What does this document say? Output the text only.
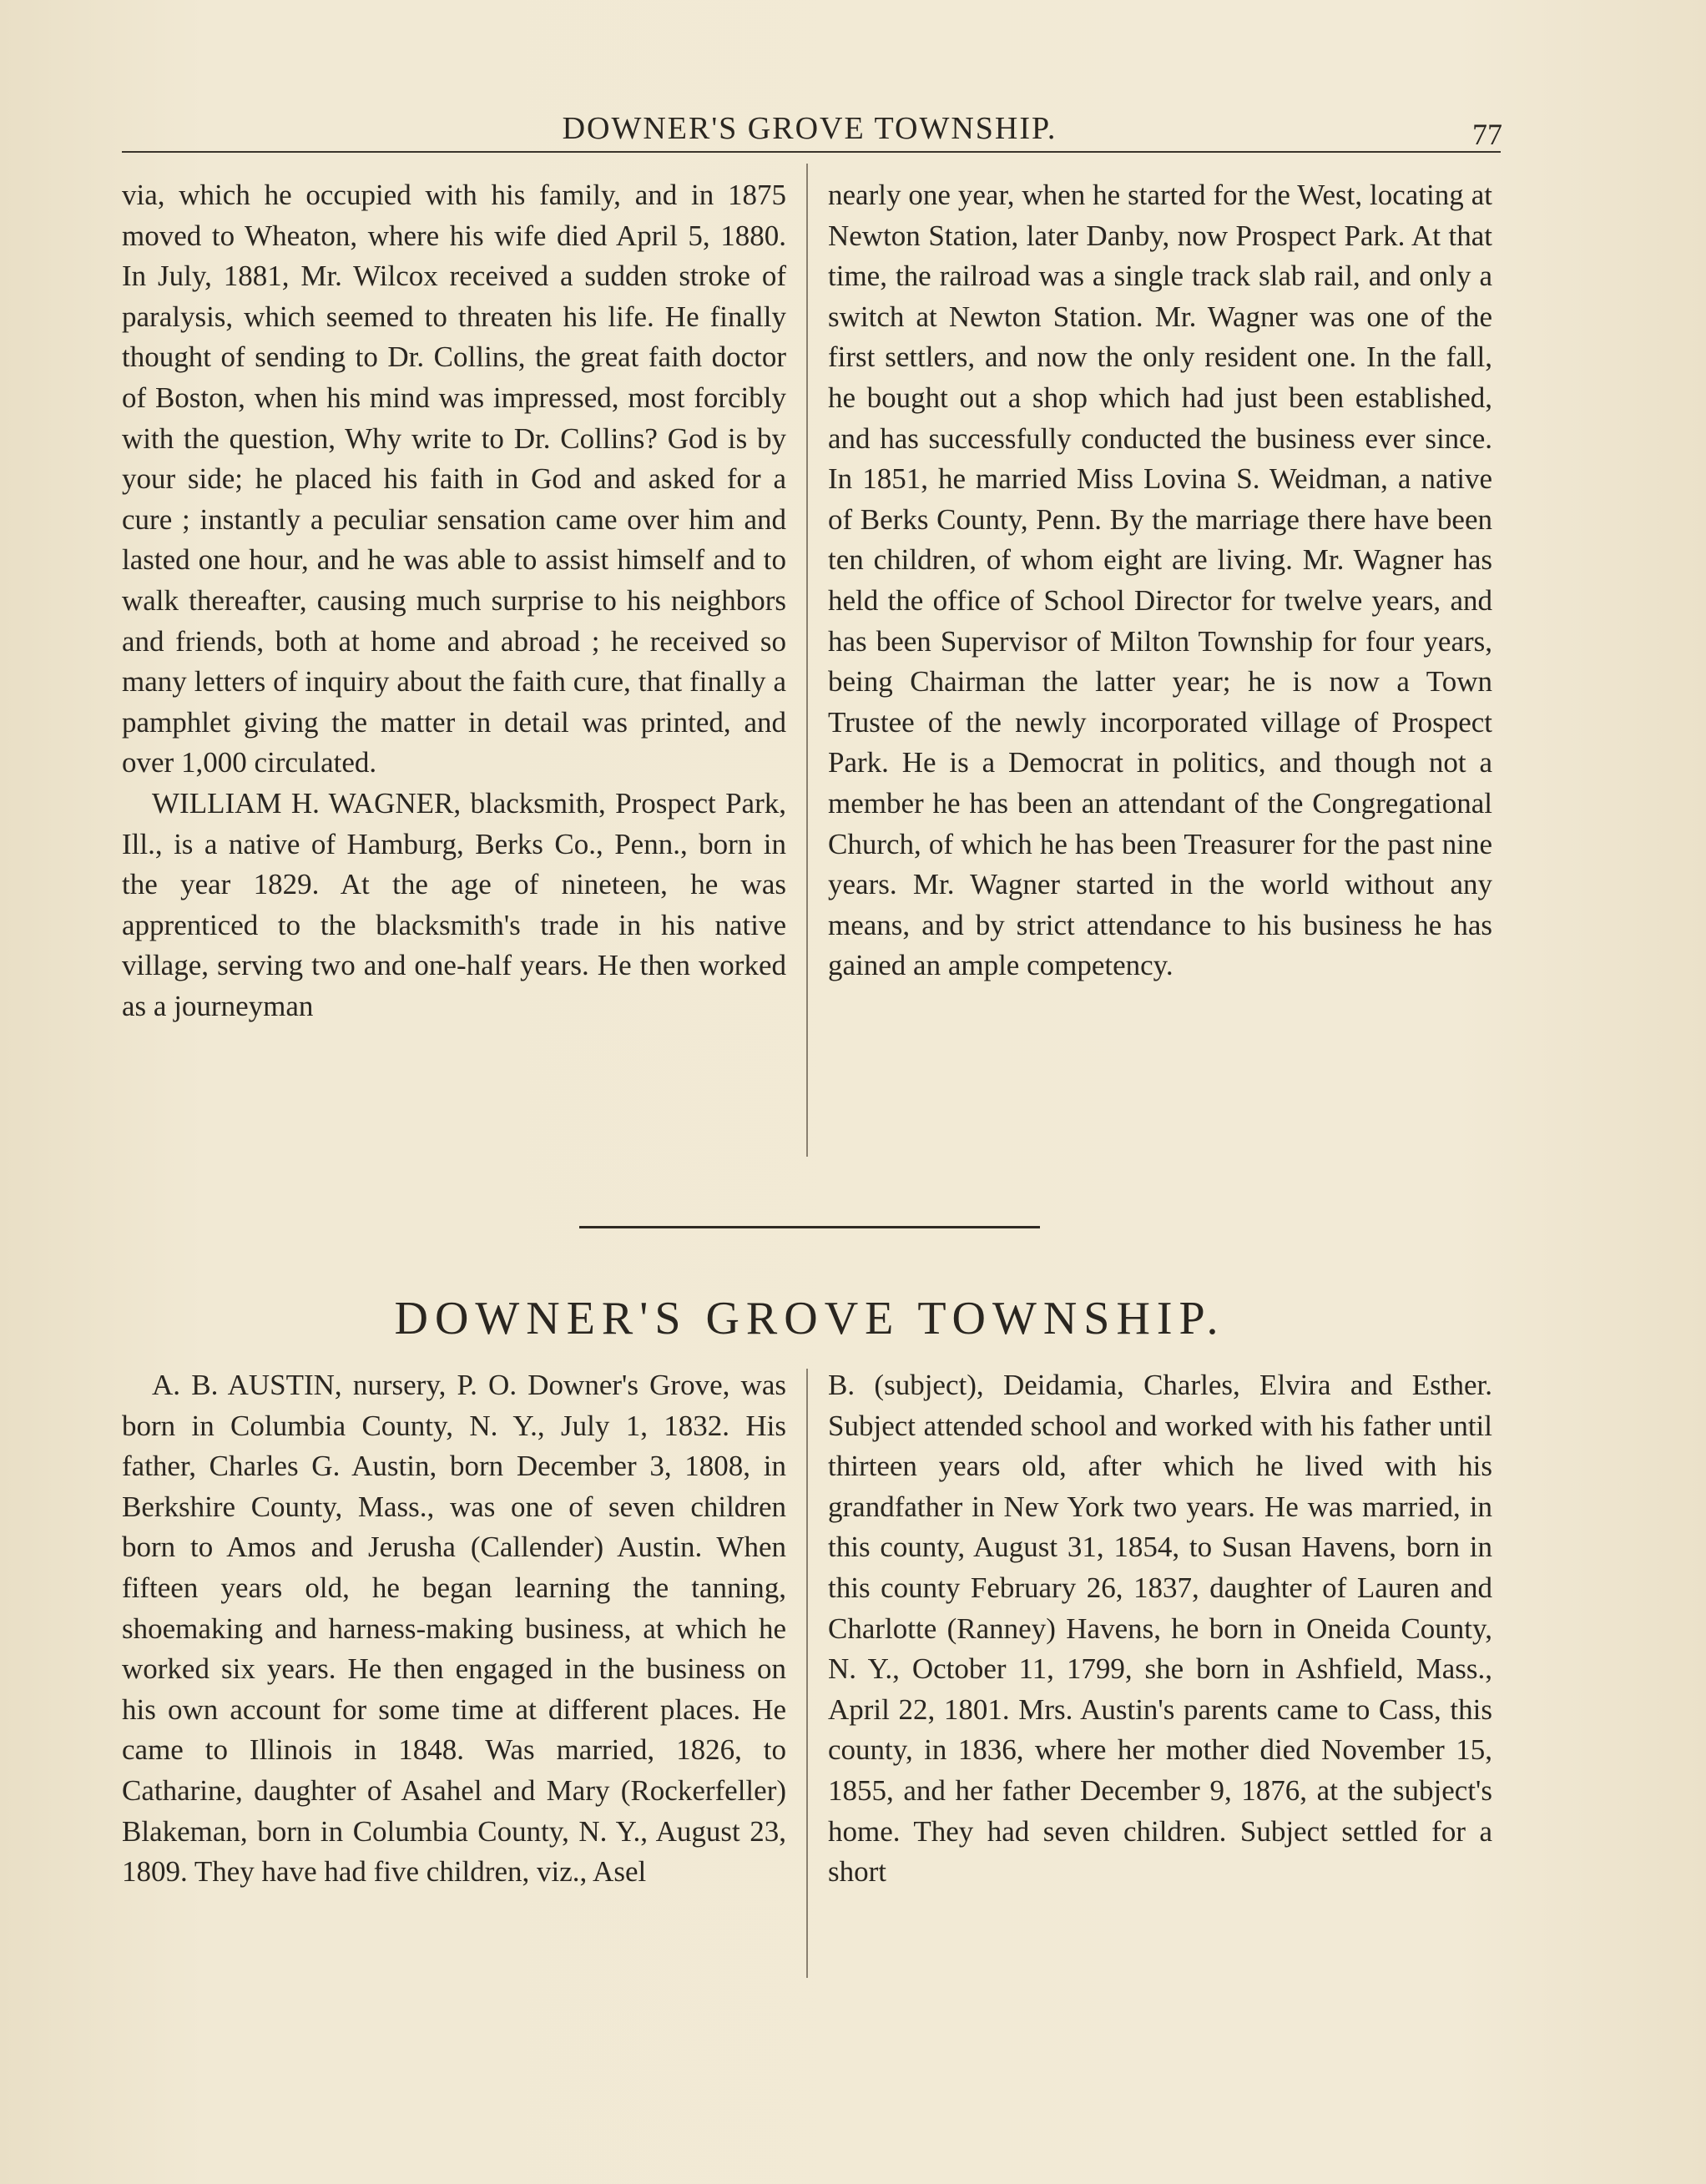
DOWNER'S GROVE TOWNSHIP.	77

via, which he occupied with his family, and in 1875 moved to Wheaton, where his wife died April 5, 1880. In July, 1881, Mr. Wilcox received a sudden stroke of paralysis, which seemed to threaten his life. He finally thought of sending to Dr. Collins, the great faith doctor of Boston, when his mind was impressed, most forcibly with the question, Why write to Dr. Collins? God is by your side; he placed his faith in God and asked for a cure ; instantly a peculiar sensation came over him and lasted one hour, and he was able to assist himself and to walk thereafter, causing much surprise to his neighbors and friends, both at home and abroad ; he received so many letters of inquiry about the faith cure, that finally a pamphlet giving the matter in detail was printed, and over 1,000 circulated.

WILLIAM H. WAGNER, blacksmith, Prospect Park, Ill., is a native of Hamburg, Berks Co., Penn., born in the year 1829. At the age of nineteen, he was apprenticed to the blacksmith's trade in his native village, serving two and one-half years. He then worked as a journeyman

nearly one year, when he started for the West, locating at Newton Station, later Danby, now Prospect Park. At that time, the railroad was a single track slab rail, and only a switch at Newton Station. Mr. Wagner was one of the first settlers, and now the only resident one. In the fall, he bought out a shop which had just been established, and has successfully conducted the business ever since. In 1851, he married Miss Lovina S. Weidman, a native of Berks County, Penn. By the marriage there have been ten children, of whom eight are living. Mr. Wagner has held the office of School Director for twelve years, and has been Supervisor of Milton Township for four years, being Chairman the latter year; he is now a Town Trustee of the newly incorporated village of Prospect Park. He is a Democrat in politics, and though not a member he has been an attendant of the Congregational Church, of which he has been Treasurer for the past nine years. Mr. Wagner started in the world without any means, and by strict attendance to his business he has gained an ample competency.

DOWNER'S GROVE TOWNSHIP.

A. B. AUSTIN, nursery, P. O. Downer's Grove, was born in Columbia County, N. Y., July 1, 1832. His father, Charles G. Austin, born December 3, 1808, in Berkshire County, Mass., was one of seven children born to Amos and Jerusha (Callender) Austin. When fifteen years old, he began learning the tanning, shoemaking and harness-making business, at which he worked six years. He then engaged in the business on his own account for some time at different places. He came to Illinois in 1848. Was married, 1826, to Catharine, daughter of Asahel and Mary (Rockerfeller) Blakeman, born in Columbia County, N. Y., August 23, 1809. They have had five children, viz., Asel

B. (subject), Deidamia, Charles, Elvira and Esther. Subject attended school and worked with his father until thirteen years old, after which he lived with his grandfather in New York two years. He was married, in this county, August 31, 1854, to Susan Havens, born in this county February 26, 1837, daughter of Lauren and Charlotte (Ranney) Havens, he born in Oneida County, N. Y., October 11, 1799, she born in Ashfield, Mass., April 22, 1801. Mrs. Austin's parents came to Cass, this county, in 1836, where her mother died November 15, 1855, and her father December 9, 1876, at the subject's home. They had seven children. Subject settled for a short
